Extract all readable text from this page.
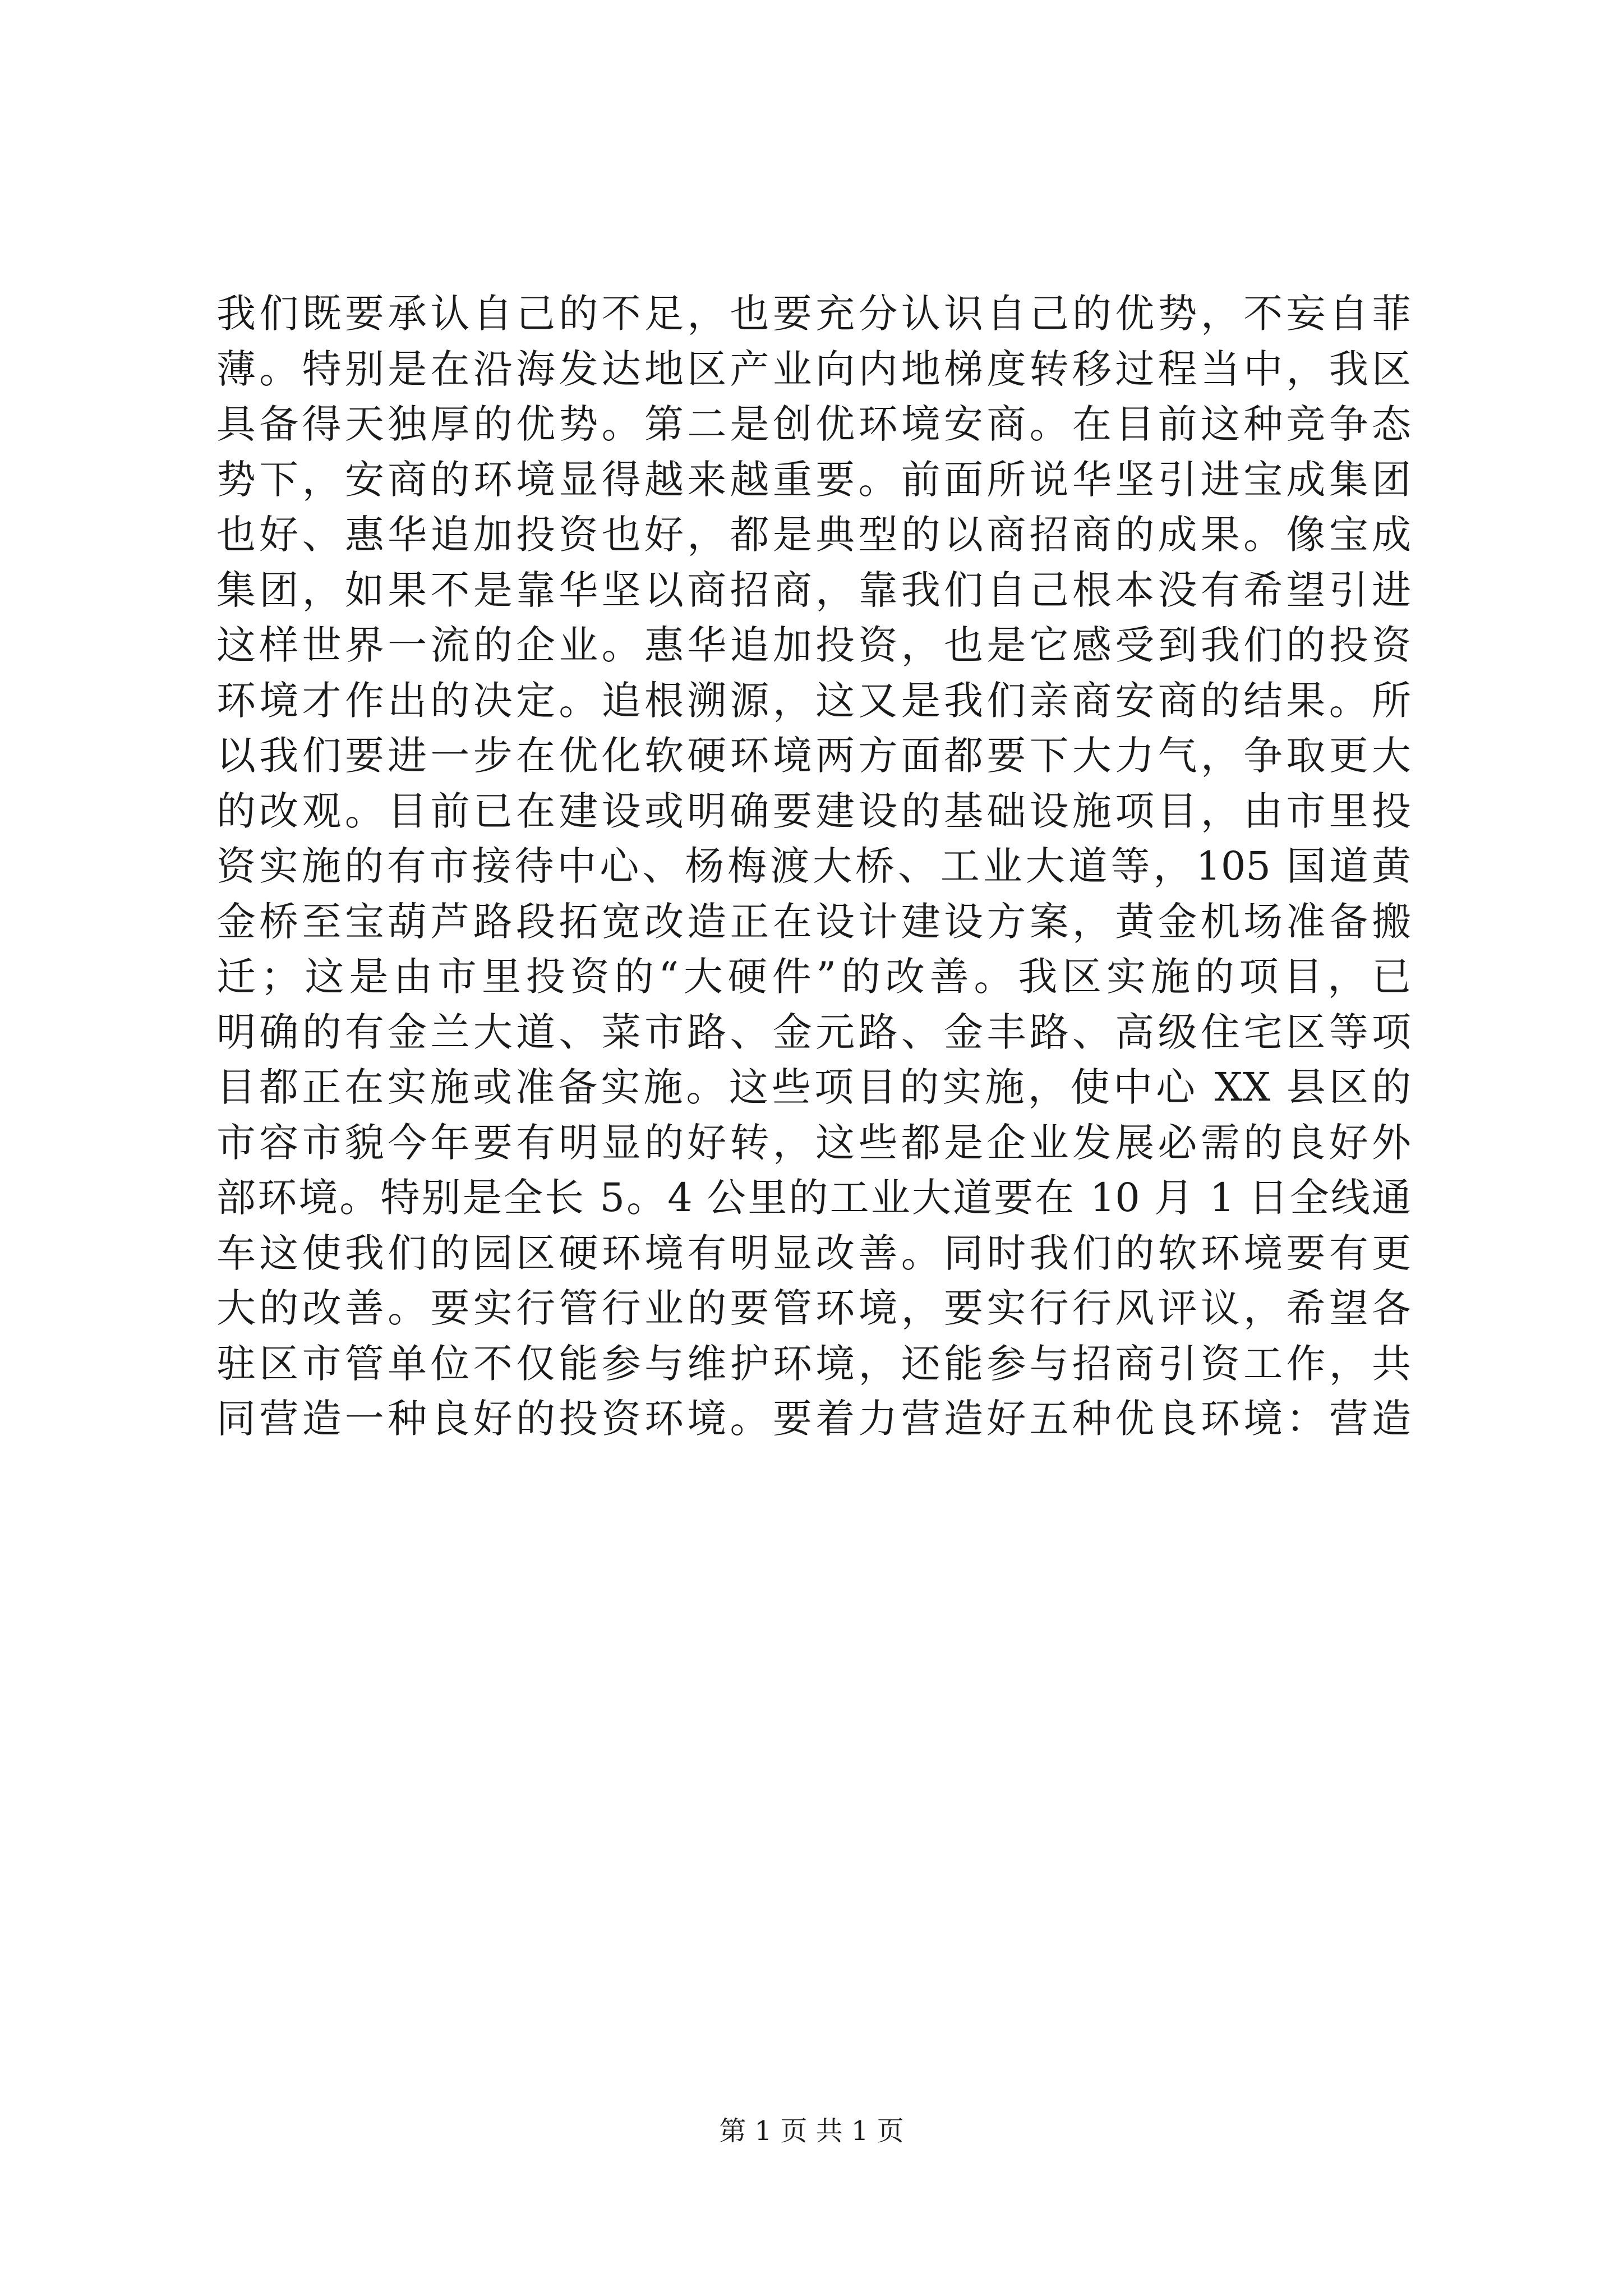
我们既要承认自己的不足，也要充分认识自己的优势，不妄自菲
薄。特别是在沿海发达地区产业向内地梯度转移过程当中，我区
具备得天独厚的优势。第二是创优环境安商。在目前这种竞争态
势下，安商的环境显得越来越重要。前面所说华坚引进宝成集团
也好、惠华追加投资也好，都是典型的以商招商的成果。像宝成
集团，如果不是靠华坚以商招商，靠我们自己根本没有希望引进
这样世界一流的企业。惠华追加投资，也是它感受到我们的投资
环境才作出的决定。追根溯源，这又是我们亲商安商的结果。所
以我们要进一步在优化软硬环境两方面都要下大力气，争取更大
的改观。目前已在建设或明确要建设的基础设施项目，由市里投
资实施的有市接待中心、杨梅渡大桥、工业大道等，105 国道黄
金桥至宝葫芦路段拓宽改造正在设计建设方案，黄金机场准备搬
迁；这是由市里投资的“大硬件”的改善。我区实施的项目，已
明确的有金兰大道、菜市路、金元路、金丰路、高级住宅区等项
目都正在实施或准备实施。这些项目的实施，使中心 XX 县区的
市容市貌今年要有明显的好转，这些都是企业发展必需的良好外
部环境。特别是全长 5。4 公里的工业大道要在 10 月 1 日全线通
车这使我们的园区硬环境有明显改善。同时我们的软环境要有更
大的改善。要实行管行业的要管环境，要实行行风评议，希望各
驻区市管单位不仅能参与维护环境，还能参与招商引资工作，共
同营造一种良好的投资环境。要着力营造好五种优良环境：营造
第 1 页 共 1 页
